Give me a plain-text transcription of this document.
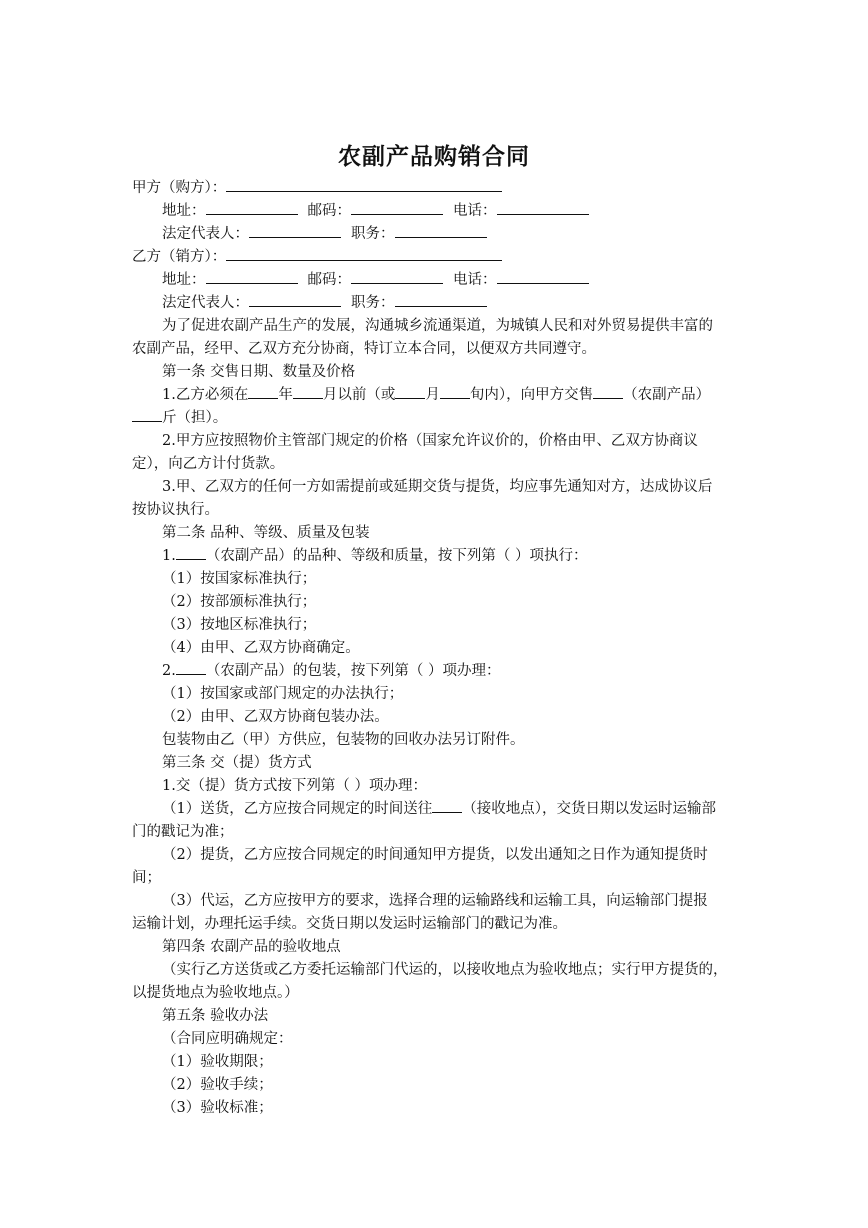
农副产品购销合同
甲方（购方）：
地址：	邮码：	电话：
法定代表人：	职务：
乙方（销方）：
地址：	邮码：	电话：
法定代表人：	职务：
为了促进农副产品生产的发展，沟通城乡流通渠道，为城镇人民和对外贸易提供丰富的
农副产品，经甲、乙双方充分协商，特订立本合同，以便双方共同遵守。
第一条 交售日期、数量及价格
1.乙方必须在 年 月以前（或 月 旬内），向甲方交售 （农副产品）
斤（担）。
2.甲方应按照物价主管部门规定的价格（国家允许议价的，价格由甲、乙双方协商议
定），向乙方计付货款。
3.甲、乙双方的任何一方如需提前或延期交货与提货，均应事先通知对方，达成协议后
按协议执行。
第二条 品种、等级、质量及包装
1. （农副产品）的品种、等级和质量，按下列第（ ）项执行：
（1）按国家标准执行；
（2）按部颁标准执行；
（3）按地区标准执行；
（4）由甲、乙双方协商确定。
2. （农副产品）的包装，按下列第（ ）项办理：
（1）按国家或部门规定的办法执行；
（2）由甲、乙双方协商包装办法。
包装物由乙（甲）方供应，包装物的回收办法另订附件。
第三条 交（提）货方式
1.交（提）货方式按下列第（ ）项办理：
（1）送货，乙方应按合同规定的时间送往 （接收地点），交货日期以发运时运输部
门的戳记为准；
（2）提货，乙方应按合同规定的时间通知甲方提货，以发出通知之日作为通知提货时
间；
（3）代运，乙方应按甲方的要求，选择合理的运输路线和运输工具，向运输部门提报
运输计划，办理托运手续。交货日期以发运时运输部门的戳记为准。
第四条 农副产品的验收地点
（实行乙方送货或乙方委托运输部门代运的，以接收地点为验收地点；实行甲方提货的，
以提货地点为验收地点。）
第五条 验收办法
（合同应明确规定：
（1）验收期限；
（2）验收手续；
（3）验收标准；
